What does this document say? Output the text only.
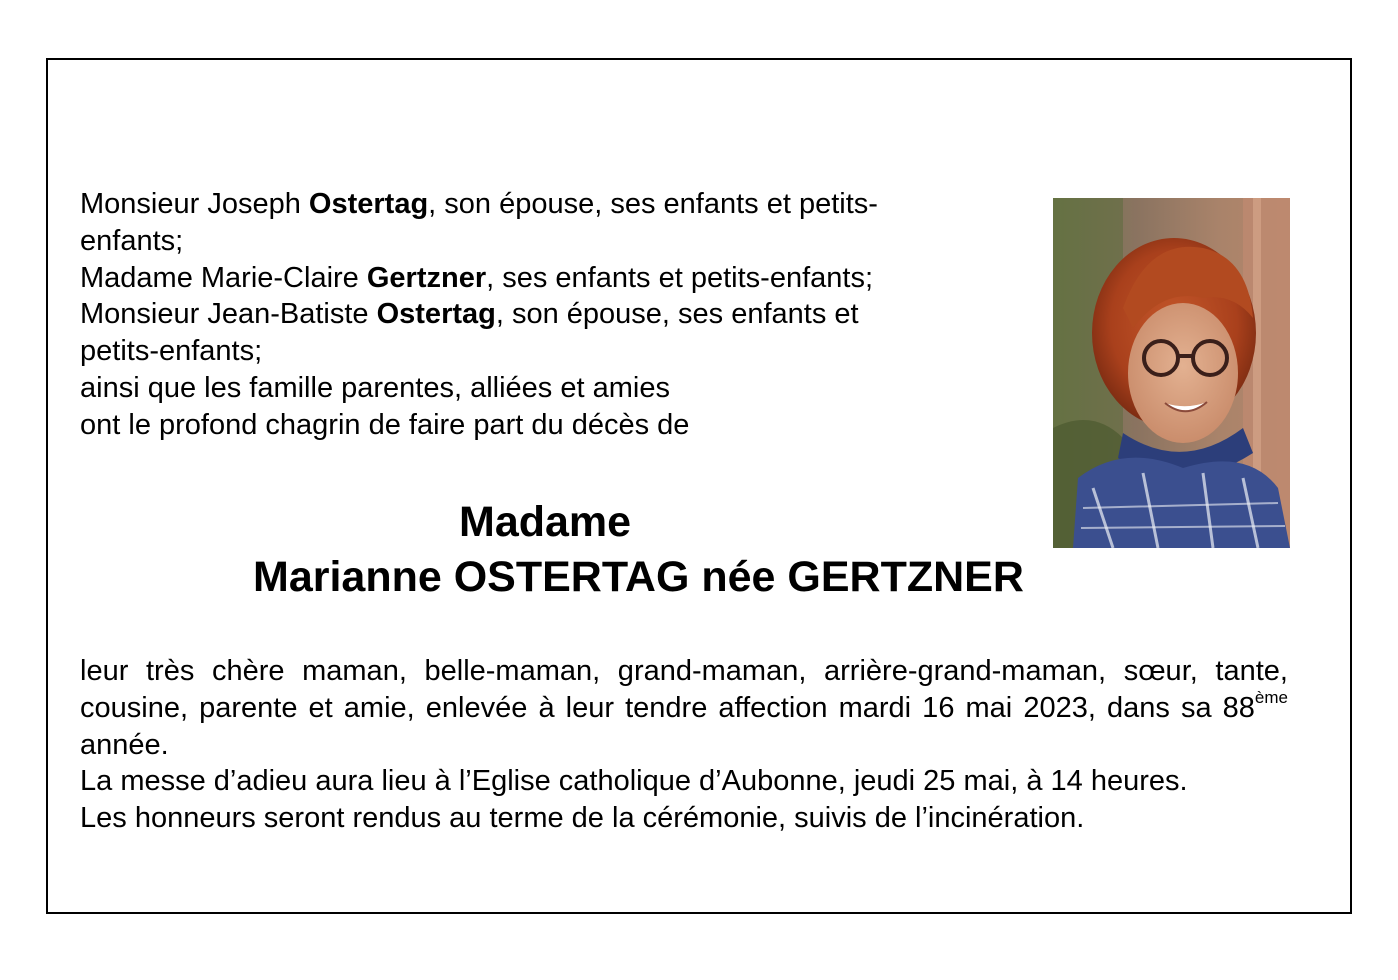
Monsieur Joseph Ostertag, son épouse, ses enfants et petits-
enfants;
Madame Marie-Claire Gertzner, ses enfants et petits-enfants;
Monsieur Jean-Batiste Ostertag, son épouse, ses enfants et
petits-enfants;
ainsi que les famille parentes, alliées et amies
ont le profond chagrin de faire part du décès de
Madame
Marianne OSTERTAG née GERTZNER

leur très chère maman, belle-maman, grand-maman, arrière-grand-maman, sœur, tante, cousine, parente et amie, enlevée à leur tendre affection mardi 16 mai 2023, dans sa 88ème année.

La messe d’adieu aura lieu à l’Eglise catholique d’Aubonne, jeudi 25 mai, à 14 heures.

Les honneurs seront rendus au terme de la cérémonie, suivis de l’incinération.
